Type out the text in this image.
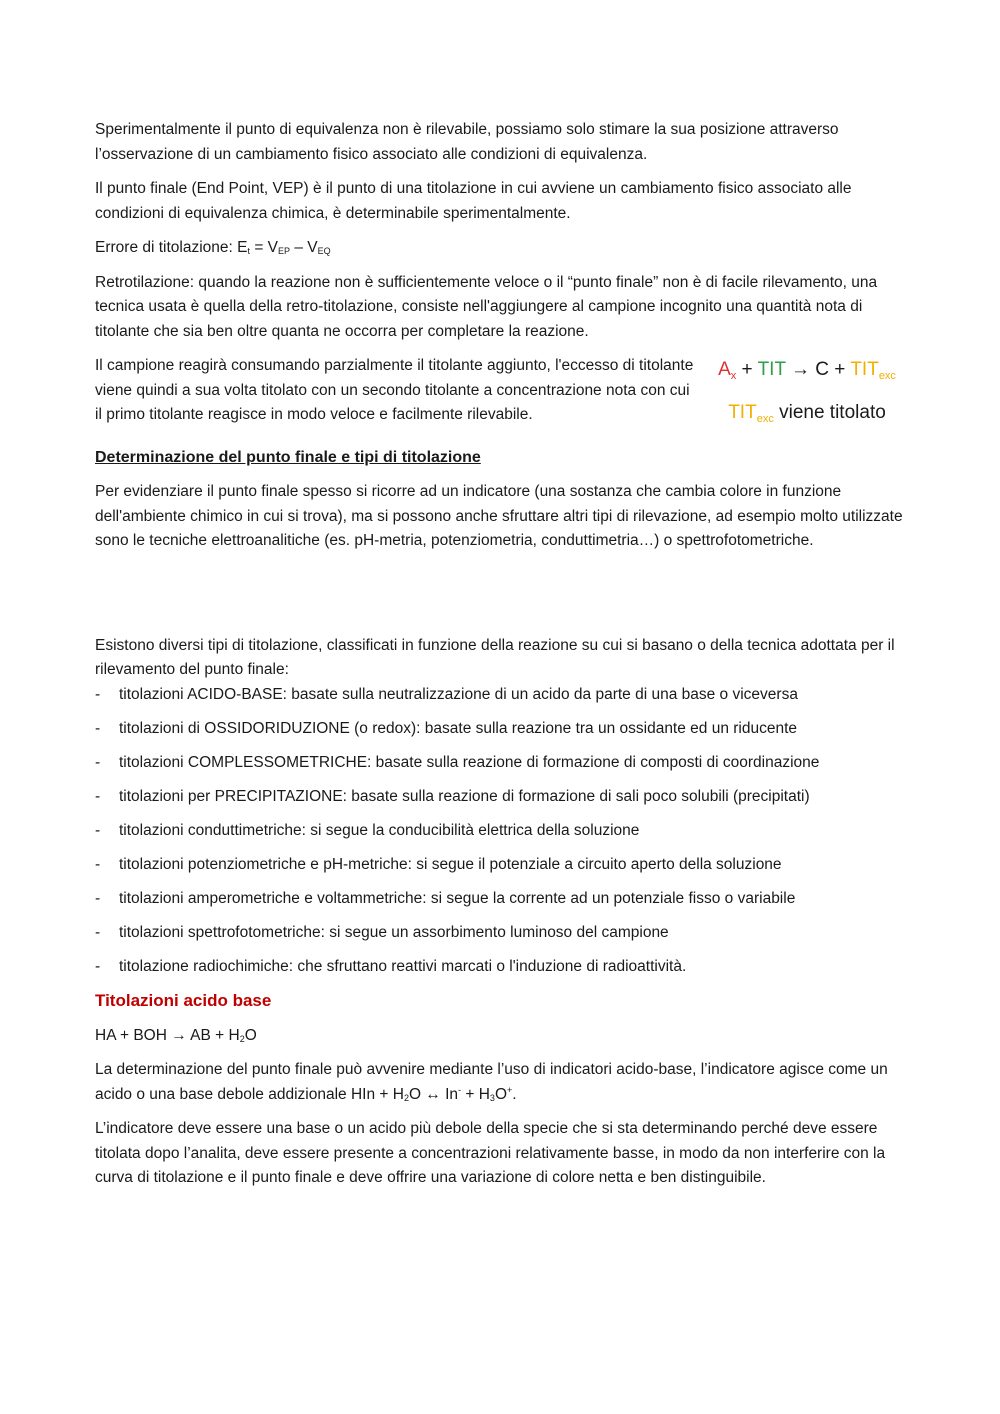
Sperimentalmente il punto di equivalenza non è rilevabile, possiamo solo stimare la sua posizione attraverso l’osservazione di un cambiamento fisico associato alle condizioni di equivalenza.

Il punto finale (End Point, VEP) è il punto di una titolazione in cui avviene un cambiamento fisico associato alle condizioni di equivalenza chimica, è determinabile sperimentalmente.

Errore di titolazione: $E_t = V_{EP} - V_{EQ}$

Retrotilazione: quando la reazione non è sufficientemente veloce o il “punto finale” non è di facile rilevamento, una tecnica usata è quella della retro-titolazione, consiste nell'aggiungere al campione incognito una quantità nota di titolante che sia ben oltre quanta ne occorra per completare la reazione.

Il campione reagirà consumando parzialmente il titolante aggiunto, l'eccesso di titolante viene quindi a sua volta titolato con un secondo titolante a concentrazione nota con cui il primo titolante reagisce in modo veloce e facilmente rilevabile.

$A_x$ + TIT → $C + TIT_{exc}$
$TIT_{exc}$ viene titolato
Determinazione del punto finale e tipi di titolazione

Per evidenziare il punto finale spesso si ricorre ad un indicatore (una sostanza che cambia colore in funzione dell'ambiente chimico in cui si trova), ma si possono anche sfruttare altri tipi di rilevazione, ad esempio molto utilizzate sono le tecniche elettroanalitiche (es. pH-metria, potenziometria, conduttimetria…) o spettrofotometriche.

Esistono diversi tipi di titolazione, classificati in funzione della reazione su cui si basano o della tecnica adottata per il rilevamento del punto finale:

-	titolazioni ACIDO-BASE: basate sulla neutralizzazione di un acido da parte di una base o viceversa
-	titolazioni di OSSIDORIDUZIONE (o redox): basate sulla reazione tra un ossidante ed un riducente
-	titolazioni COMPLESSOMETRICHE: basate sulla reazione di formazione di composti di coordinazione
-	titolazioni per PRECIPITAZIONE: basate sulla reazione di formazione di sali poco solubili (precipitati)
-	titolazioni conduttimetriche: si segue la conducibilità elettrica della soluzione
-	titolazioni potenziometriche e pH-metriche: si segue il potenziale a circuito aperto della soluzione
-	titolazioni amperometriche e voltammetriche: si segue la corrente ad un potenziale fisso o variabile
-	titolazioni spettrofotometriche: si segue un assorbimento luminoso del campione
-	titolazione radiochimiche: che sfruttano reattivi marcati o l'induzione di radioattività.
Titolazioni acido base

HA + BOH → AB + $H_2O$

La determinazione del punto finale può avvenire mediante l’uso di indicatori acido-base, l’indicatore agisce come un acido o una base debole addizionale HIn + $H_2O$ ↔ $In^- + H_3O^+$.

L’indicatore deve essere una base o un acido più debole della specie che si sta determinando perché deve essere titolata dopo l’analita, deve essere presente a concentrazioni relativamente basse, in modo da non interferire con la curva di titolazione e il punto finale e deve offrire una variazione di colore netta e ben distinguibile.
